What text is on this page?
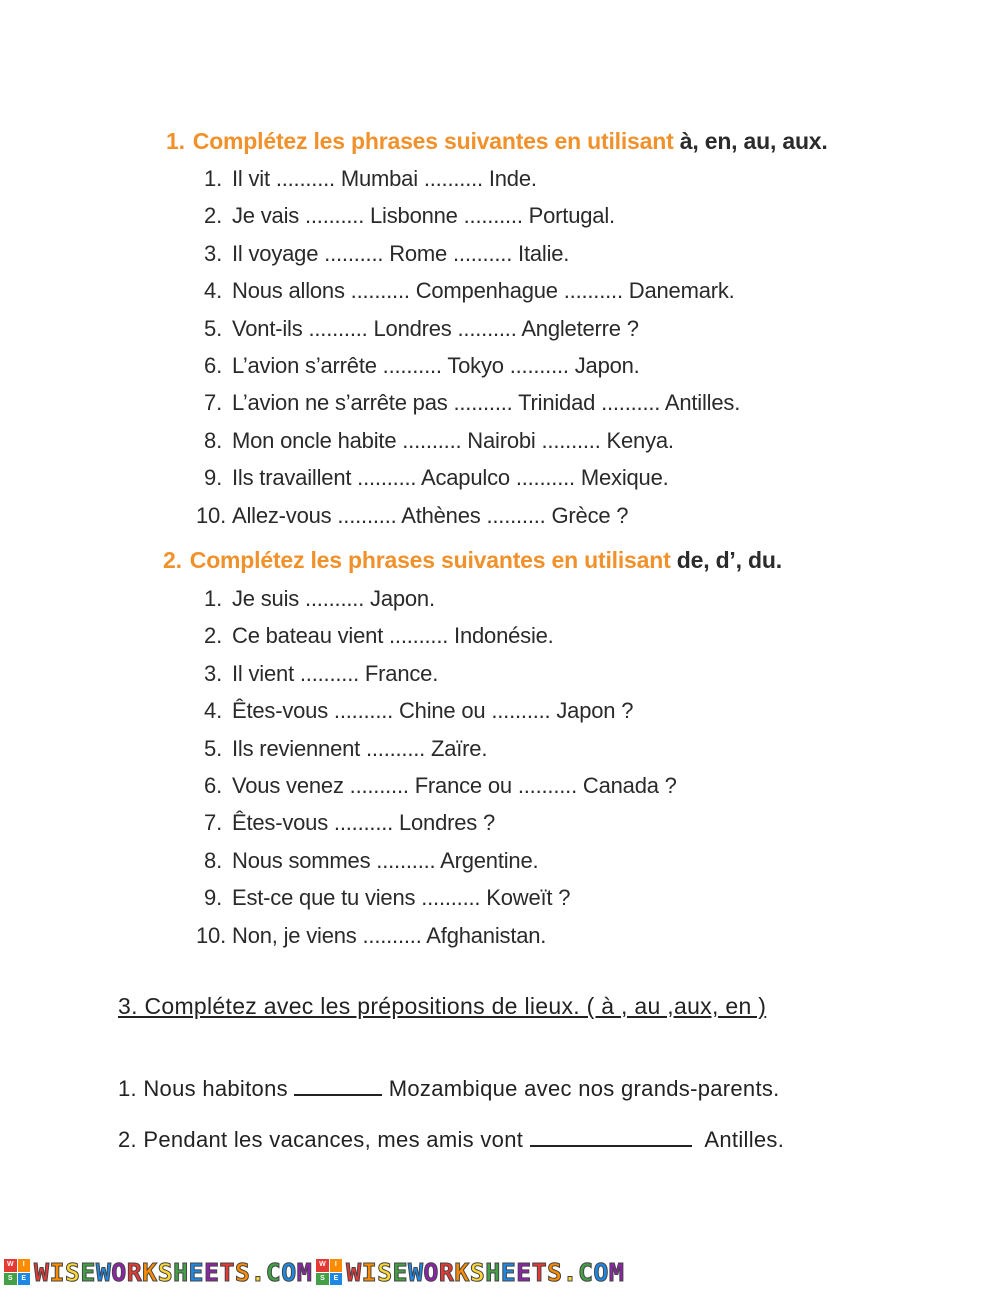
1. Complétez les phrases suivantes en utilisant à, en, au, aux.
1. Il vit .......... Mumbai .......... Inde.
2. Je vais .......... Lisbonne .......... Portugal.
3. Il voyage .......... Rome .......... Italie.
4. Nous allons .......... Compenhague .......... Danemark.
5. Vont-ils .......... Londres .......... Angleterre ?
6. L’avion s’arrête .......... Tokyo .......... Japon.
7. L’avion ne s’arrête pas .......... Trinidad .......... Antilles.
8. Mon oncle habite .......... Nairobi .......... Kenya.
9. Ils travaillent .......... Acapulco .......... Mexique.
10. Allez-vous .......... Athènes .......... Grèce ?
2. Complétez les phrases suivantes en utilisant de, d’, du.
1. Je suis .......... Japon.
2. Ce bateau vient .......... Indonésie.
3. Il vient .......... France.
4. Êtes-vous .......... Chine ou .......... Japon ?
5. Ils reviennent .......... Zaïre.
6. Vous venez .......... France ou .......... Canada ?
7. Êtes-vous .......... Londres ?
8. Nous sommes .......... Argentine.
9. Est-ce que tu viens .......... Koweït ?
10. Non, je viens .......... Afghanistan.
3. Complétez avec les prépositions de lieux. ( à , au ,aux, en )
1. Nous habitons	Mozambique avec nos grands-parents.
2. Pendant les vacances, mes amis vont	Antilles.
W	I
S	E WISEWORKSHEETS.COM W	I
S	E WISEWORKSHEETS.COM
